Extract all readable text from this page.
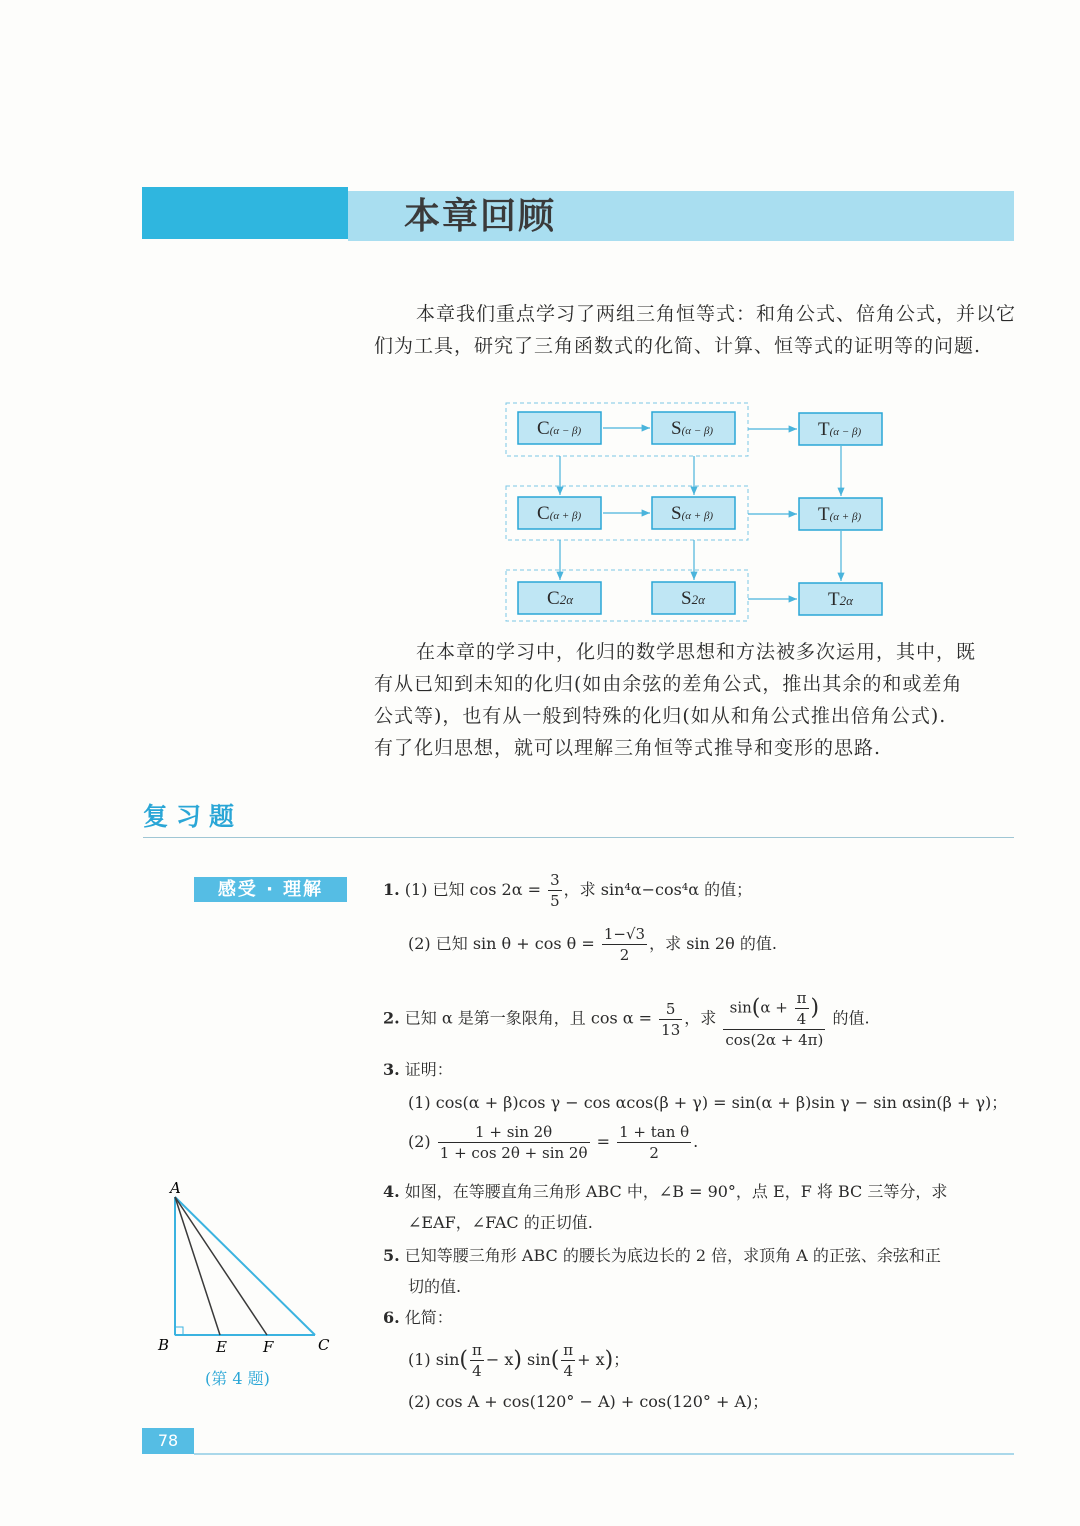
本章回顾

本章我们重点学习了两组三角恒等式：和角公式、倍角公式，并以它们为工具，研究了三角函数式的化简、计算、恒等式的证明等的问题.

C(α − β)	S(α − β)	T(α − β)
C(α + β)	S(α + β)	T(α + β)
C2α	S2α	T2α

在本章的学习中，化归的数学思想和方法被多次运用，其中，既

有从已知到未知的化归(如由余弦的差角公式，推出其余的和或差角

公式等)，也有从一般到特殊的化归(如从和角公式推出倍角公式).

有了化归思想，就可以理解三角恒等式推导和变形的思路.

复习题
感受 · 理解	1. (1) 已知 $\cos 2\alpha = \frac{3}{5}$ ，求 sin⁴α−cos⁴α 的值；
(2) 已知 $\sin \theta + \cos \theta = \frac{1-√3}{2}$ ，求 sin 2θ 的值.
2. 已知 α 是第一象限角，且 $\cos \alpha = \frac{5}{13}$ ，求 $\frac{\sin(\alpha + \frac{\pi}{4} )}{\cos(2\alpha + 4\pi)}$ 的值.
3. 证明：
(1) cos(α + β)cos γ − cos αcos(β + γ) = sin(α + β)sin γ − sin αsin(β + γ)；
$(2) \frac{1 + \sin 2\theta}{1 + \cos 2\theta + \sin 2\theta} = \frac{\text{1 + tan θ}}{2}$ .
4. 如图，在等腰直角三角形 ABC 中，∠B = 90°，点 E，F 将 BC 三等分，求
∠EAF，∠FAC 的正切值.
5. 已知等腰三角形 ABC 的腰长为底边长的 2 倍，求顶角 A 的正弦、余弦和正
切的值.
6. 化简：
(1) $\sin( \frac{\pi}{4} - x)$ $\sin( \frac{\pi}{4} + x)$；
(2) cos A + cos(120° − A) + cos(120° + A)；
A
B	E F	C
(第 4 题)
78
